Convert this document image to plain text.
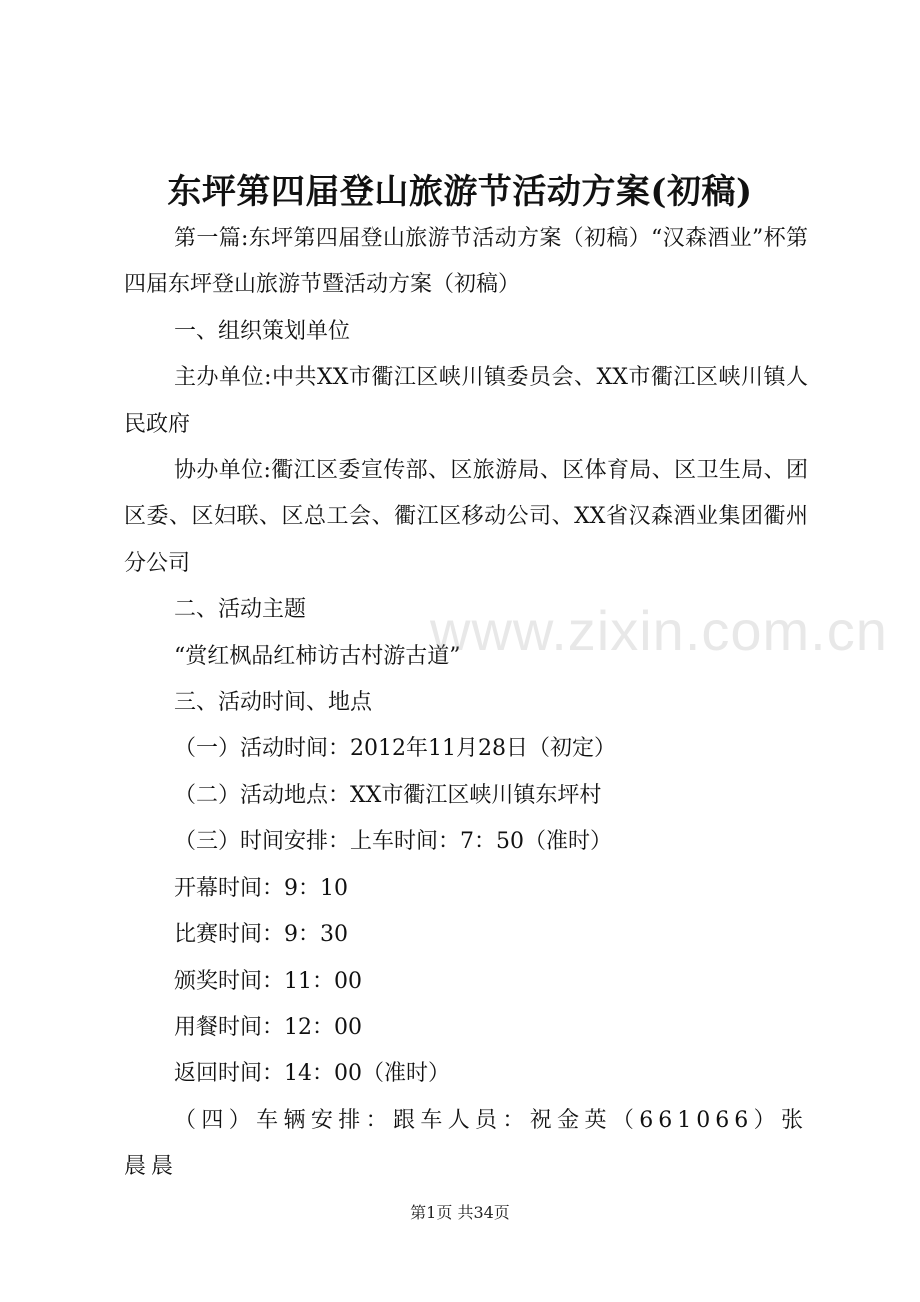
东坪第四届登山旅游节活动方案(初稿)

第一篇:东坪第四届登山旅游节活动方案（初稿）“汉森酒业”杯第四届东坪登山旅游节暨活动方案（初稿）

一、组织策划单位

主办单位:中共XX市衢江区峡川镇委员会、XX市衢江区峡川镇人民政府

协办单位:衢江区委宣传部、区旅游局、区体育局、区卫生局、团区委、区妇联、区总工会、衢江区移动公司、XX省汉森酒业集团衢州分公司

二、活动主题

“赏红枫品红柿访古村游古道”

三、活动时间、地点

（一）活动时间：2012年11月28日（初定）

（二）活动地点：XX市衢江区峡川镇东坪村

（三）时间安排：上车时间：7：50（准时）

开幕时间：9：10

比赛时间：9：30

颁奖时间：11：00

用餐时间：12：00

返回时间：14：00（准时）

（四）车辆安排：跟车人员：祝金英（661066）张晨晨

www.zixin.com.cn
第1页 共34页
